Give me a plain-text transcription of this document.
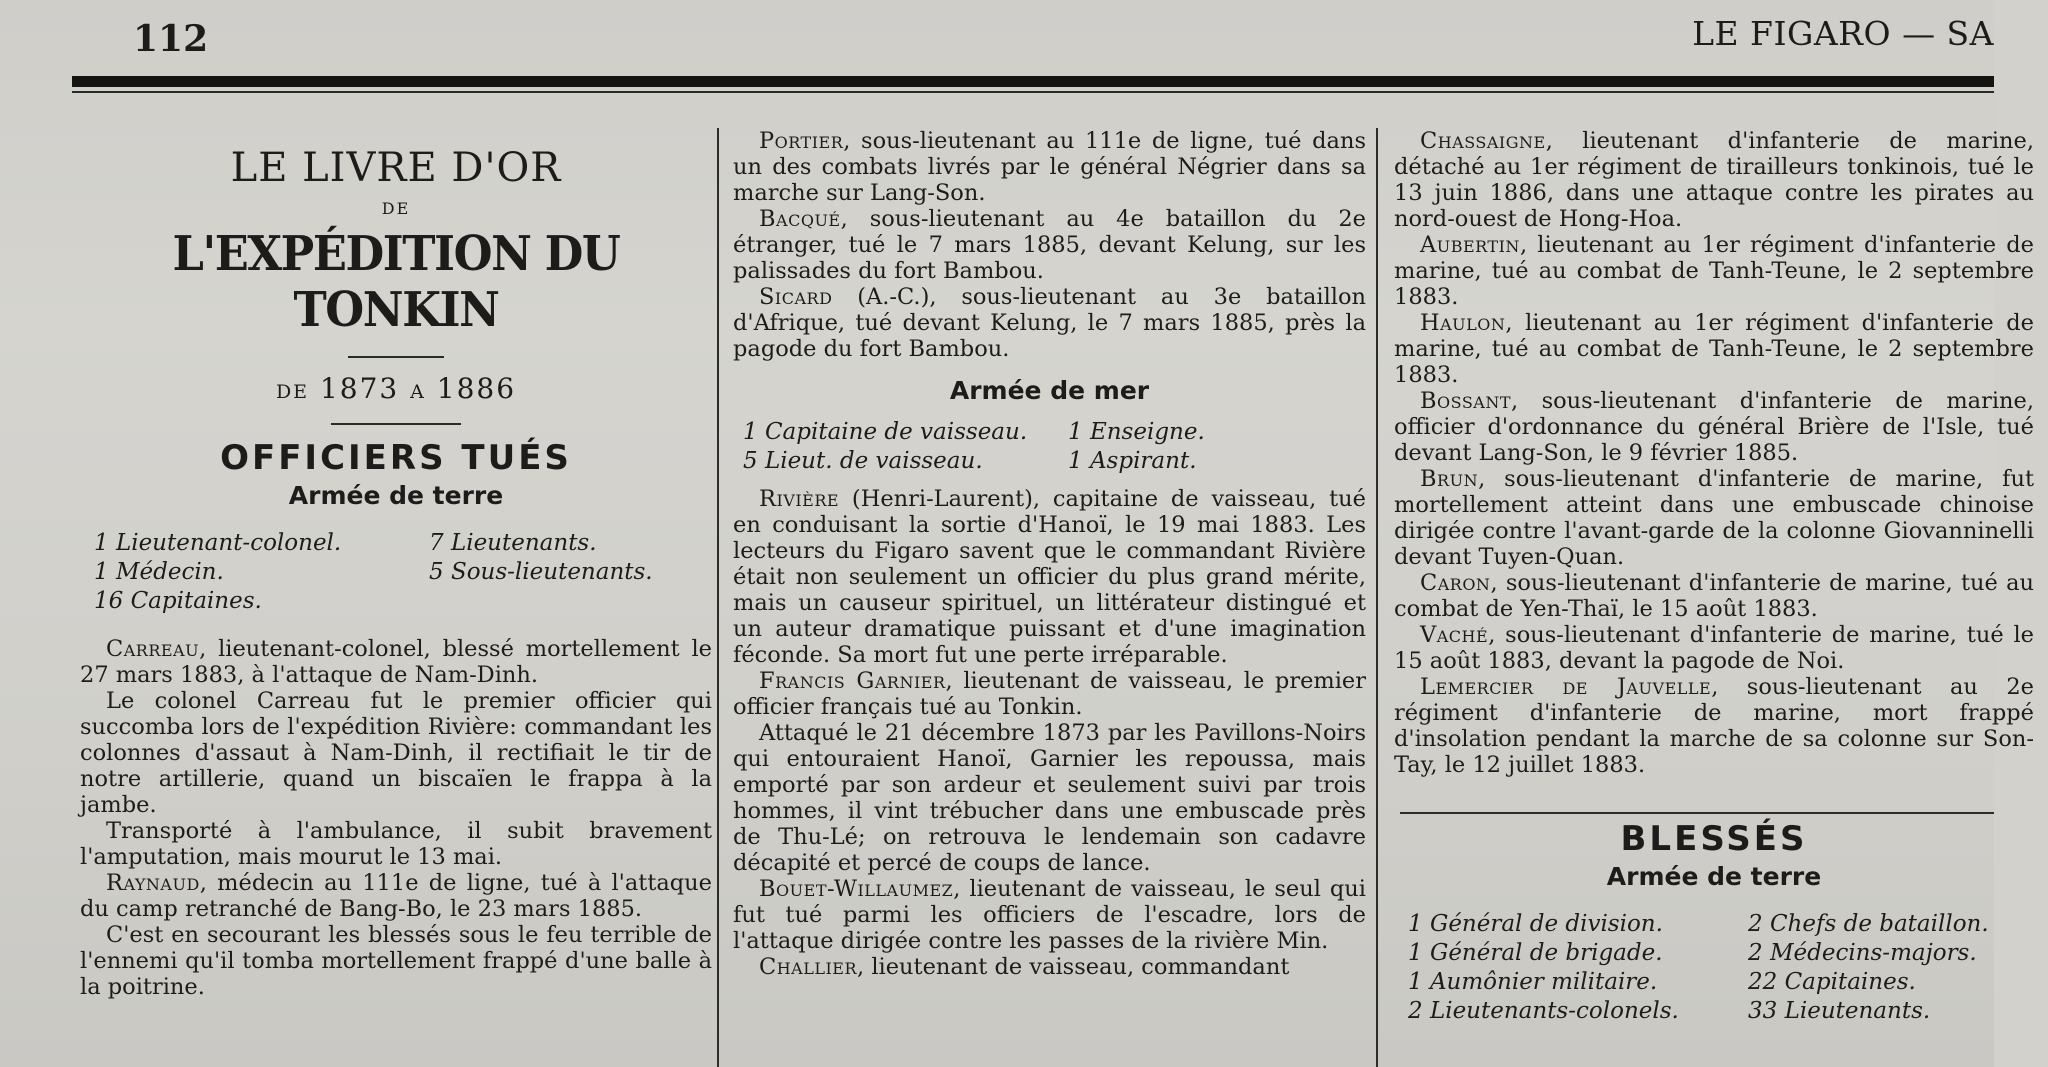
112	LE FIGARO — SA
LE LIVRE D'OR
DE
L'EXPÉDITION DU TONKIN
DE 1873 A 1886
OFFICIERS TUÉS
Armée de terre
1 Lieutenant-colonel.	7 Lieutenants.
1 Médecin.	5 Sous-lieutenants.
16 Capitaines.

Carreau, lieutenant-colonel, blessé mortellement le 27 mars 1883, à l'attaque de Nam-Dinh.

Le colonel Carreau fut le premier officier qui succomba lors de l'expédition Rivière: commandant les colonnes d'assaut à Nam-Dinh, il rectifiait le tir de notre artillerie, quand un biscaïen le frappa à la jambe.

Transporté à l'ambulance, il subit bravement l'amputation, mais mourut le 13 mai.

Raynaud, médecin au 111e de ligne, tué à l'attaque du camp retranché de Bang-Bo, le 23 mars 1885.

C'est en secourant les blessés sous le feu terrible de l'ennemi qu'il tomba mortellement frappé d'une balle à la poitrine.

Portier, sous-lieutenant au 111e de ligne, tué dans un des combats livrés par le général Négrier dans sa marche sur Lang-Son.

Bacqué, sous-lieutenant au 4e bataillon du 2e étranger, tué le 7 mars 1885, devant Kelung, sur les palissades du fort Bambou.

Sicard (A.-C.), sous-lieutenant au 3e bataillon d'Afrique, tué devant Kelung, le 7 mars 1885, près la pagode du fort Bambou.

Armée de mer
1 Capitaine de vaisseau.	1 Enseigne.
5 Lieut. de vaisseau.	1 Aspirant.

Rivière (Henri-Laurent), capitaine de vaisseau, tué en conduisant la sortie d'Hanoï, le 19 mai 1883. Les lecteurs du Figaro savent que le commandant Rivière était non seulement un officier du plus grand mérite, mais un causeur spirituel, un littérateur distingué et un auteur dramatique puissant et d'une imagination féconde. Sa mort fut une perte irréparable.

Francis Garnier, lieutenant de vaisseau, le premier officier français tué au Tonkin.

Attaqué le 21 décembre 1873 par les Pavillons-Noirs qui entouraient Hanoï, Garnier les repoussa, mais emporté par son ardeur et seulement suivi par trois hommes, il vint trébucher dans une embuscade près de Thu-Lé; on retrouva le lendemain son cadavre décapité et percé de coups de lance.

Bouet-Willaumez, lieutenant de vaisseau, le seul qui fut tué parmi les officiers de l'escadre, lors de l'attaque dirigée contre les passes de la rivière Min.

Challier, lieutenant de vaisseau, commandant

Chassaigne, lieutenant d'infanterie de marine, détaché au 1er régiment de tirailleurs tonkinois, tué le 13 juin 1886, dans une attaque contre les pirates au nord-ouest de Hong-Hoa.

Aubertin, lieutenant au 1er régiment d'infanterie de marine, tué au combat de Tanh-Teune, le 2 septembre 1883.

Haulon, lieutenant au 1er régiment d'infanterie de marine, tué au combat de Tanh-Teune, le 2 septembre 1883.

Bossant, sous-lieutenant d'infanterie de marine, officier d'ordonnance du général Brière de l'Isle, tué devant Lang-Son, le 9 février 1885.

Brun, sous-lieutenant d'infanterie de marine, fut mortellement atteint dans une embuscade chinoise dirigée contre l'avant-garde de la colonne Giovanninelli devant Tuyen-Quan.

Caron, sous-lieutenant d'infanterie de marine, tué au combat de Yen-Thaï, le 15 août 1883.

Vaché, sous-lieutenant d'infanterie de marine, tué le 15 août 1883, devant la pagode de Noi.

Lemercier de Jauvelle, sous-lieutenant au 2e régiment d'infanterie de marine, mort frappé d'insolation pendant la marche de sa colonne sur Son-Tay, le 12 juillet 1883.

BLESSÉS
Armée de terre
1 Général de division.	2 Chefs de bataillon.
1 Général de brigade.	2 Médecins-majors.
1 Aumônier militaire.	22 Capitaines.
2 Lieutenants-colonels.	33 Lieutenants.
